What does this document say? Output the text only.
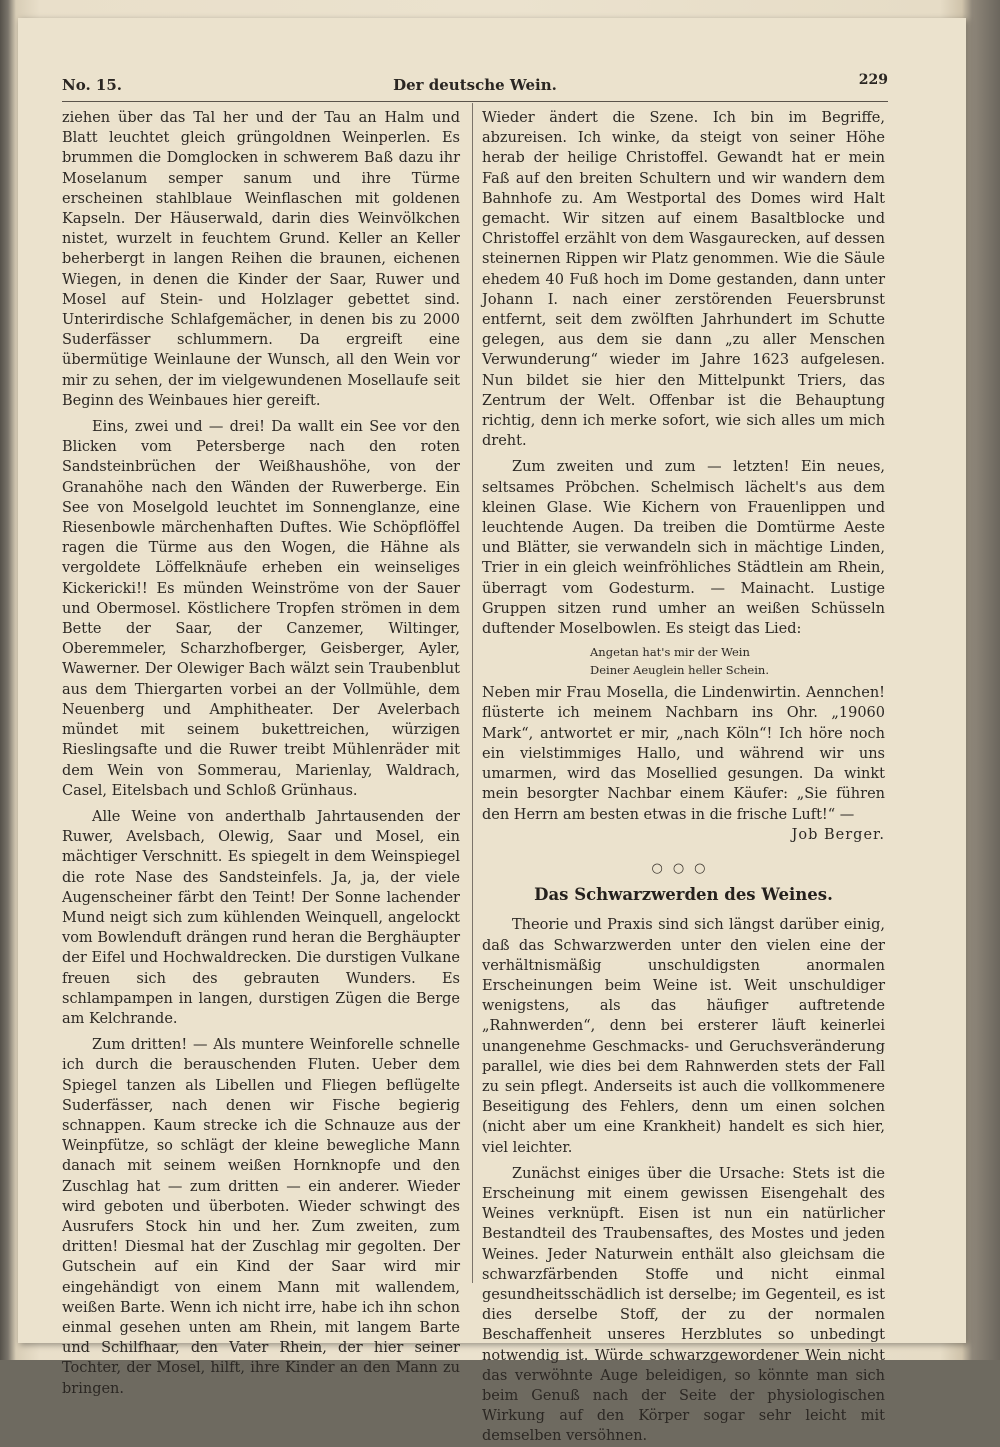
No. 15.	Der deutsche Wein.	229

ziehen über das Tal her und der Tau an Halm und Blatt leuchtet gleich grüngoldnen Weinperlen. Es brummen die Domglocken in schwerem Baß dazu ihr Moselanum semper sanum und ihre Türme erscheinen stahlblaue Weinflaschen mit goldenen Kapseln. Der Häuserwald, darin dies Weinvölkchen nistet, wurzelt in feuchtem Grund. Keller an Keller beherbergt in langen Reihen die braunen, eichenen Wiegen, in denen die Kinder der Saar, Ruwer und Mosel auf Stein- und Holzlager gebettet sind. Unterirdische Schlafgemächer, in denen bis zu 2000 Suderfässer schlummern. Da ergreift eine übermütige Weinlaune der Wunsch, all den Wein vor mir zu sehen, der im vielgewundenen Mosellaufe seit Beginn des Weinbaues hier gereift.

Eins, zwei und — drei! Da wallt ein See vor den Blicken vom Petersberge nach den roten Sandsteinbrüchen der Weißhaushöhe, von der Granahöhe nach den Wänden der Ruwerberge. Ein See von Moselgold leuchtet im Sonnenglanze, eine Riesenbowle märchenhaften Duftes. Wie Schöpflöffel ragen die Türme aus den Wogen, die Hähne als vergoldete Löffelknäufe erheben ein weinseliges Kickericki!! Es münden Weinströme von der Sauer und Obermosel. Köstlichere Tropfen strömen in dem Bette der Saar, der Canzemer, Wiltinger, Oberemmeler, Scharzhofberger, Geisberger, Ayler, Wawerner. Der Olewiger Bach wälzt sein Traubenblut aus dem Thiergarten vorbei an der Vollmühle, dem Neuenberg und Amphitheater. Der Avelerbach mündet mit seinem bukettreichen, würzigen Rieslingsafte und die Ruwer treibt Mühlenräder mit dem Wein von Sommerau, Marienlay, Waldrach, Casel, Eitelsbach und Schloß Grünhaus.

Alle Weine von anderthalb Jahrtausenden der Ruwer, Avelsbach, Olewig, Saar und Mosel, ein mächtiger Verschnitt. Es spiegelt in dem Weinspiegel die rote Nase des Sandsteinfels. Ja, ja, der viele Augenscheiner färbt den Teint! Der Sonne lachender Mund neigt sich zum kühlenden Weinquell, angelockt vom Bowlenduft drängen rund heran die Berghäupter der Eifel und Hochwaldrecken. Die durstigen Vulkane freuen sich des gebrauten Wunders. Es schlampampen in langen, durstigen Zügen die Berge am Kelchrande.

Zum dritten! — Als muntere Weinforelle schnelle ich durch die berauschenden Fluten. Ueber dem Spiegel tanzen als Libellen und Fliegen beflügelte Suderfässer, nach denen wir Fische begierig schnappen. Kaum strecke ich die Schnauze aus der Weinpfütze, so schlägt der kleine bewegliche Mann danach mit seinem weißen Hornknopfe und den Zuschlag hat — zum dritten — ein anderer. Wieder wird geboten und überboten. Wieder schwingt des Ausrufers Stock hin und her. Zum zweiten, zum dritten! Diesmal hat der Zuschlag mir gegolten. Der Gutschein auf ein Kind der Saar wird mir eingehändigt von einem Mann mit wallendem, weißen Barte. Wenn ich nicht irre, habe ich ihn schon einmal gesehen unten am Rhein, mit langem Barte und Schilfhaar, den Vater Rhein, der hier seiner Tochter, der Mosel, hilft, ihre Kinder an den Mann zu bringen.

Wieder ändert die Szene. Ich bin im Begriffe, abzureisen. Ich winke, da steigt von seiner Höhe herab der heilige Christoffel. Gewandt hat er mein Faß auf den breiten Schultern und wir wandern dem Bahnhofe zu. Am Westportal des Domes wird Halt gemacht. Wir sitzen auf einem Basaltblocke und Christoffel erzählt von dem Wasgaurecken, auf dessen steinernen Rippen wir Platz genommen. Wie die Säule ehedem 40 Fuß hoch im Dome gestanden, dann unter Johann I. nach einer zerstörenden Feuersbrunst entfernt, seit dem zwölften Jahrhundert im Schutte gelegen, aus dem sie dann „zu aller Menschen Verwunderung“ wieder im Jahre 1623 aufgelesen. Nun bildet sie hier den Mittelpunkt Triers, das Zentrum der Welt. Offenbar ist die Behauptung richtig, denn ich merke sofort, wie sich alles um mich dreht.

Zum zweiten und zum — letzten! Ein neues, seltsames Pröbchen. Schelmisch lächelt's aus dem kleinen Glase. Wie Kichern von Frauenlippen und leuchtende Augen. Da treiben die Domtürme Aeste und Blätter, sie verwandeln sich in mächtige Linden, Trier in ein gleich weinfröhliches Städtlein am Rhein, überragt vom Godesturm. — Mainacht. Lustige Gruppen sitzen rund umher an weißen Schüsseln duftender Moselbowlen. Es steigt das Lied:

Angetan hat's mir der Wein
Deiner Aeuglein heller Schein.

Neben mir Frau Mosella, die Lindenwirtin. Aennchen! flüsterte ich meinem Nachbarn ins Ohr. „19060 Mark“, antwortet er mir, „nach Köln“! Ich höre noch ein vielstimmiges Hallo, und während wir uns umarmen, wird das Mosellied gesungen. Da winkt mein besorgter Nachbar einem Käufer: „Sie führen den Herrn am besten etwas in die frische Luft!“ —

Job Berger.

○○○
Das Schwarzwerden des Weines.

Theorie und Praxis sind sich längst darüber einig, daß das Schwarzwerden unter den vielen eine der verhältnismäßig unschuldigsten anormalen Erscheinungen beim Weine ist. Weit unschuldiger wenigstens, als das häufiger auftretende „Rahnwerden“, denn bei ersterer läuft keinerlei unangenehme Geschmacks- und Geruchsveränderung parallel, wie dies bei dem Rahnwerden stets der Fall zu sein pflegt. Anderseits ist auch die vollkommenere Beseitigung des Fehlers, denn um einen solchen (nicht aber um eine Krankheit) handelt es sich hier, viel leichter.

Zunächst einiges über die Ursache: Stets ist die Erscheinung mit einem gewissen Eisengehalt des Weines verknüpft. Eisen ist nun ein natürlicher Bestandteil des Traubensaftes, des Mostes und jeden Weines. Jeder Naturwein enthält also gleichsam die schwarzfärbenden Stoffe und nicht einmal gesundheitsschädlich ist derselbe; im Gegenteil, es ist dies derselbe Stoff, der zu der normalen Beschaffenheit unseres Herzblutes so unbedingt notwendig ist. Würde schwarzgewordener Wein nicht das verwöhnte Auge beleidigen, so könnte man sich beim Genuß nach der Seite der physiologischen Wirkung auf den Körper sogar sehr leicht mit demselben versöhnen.
